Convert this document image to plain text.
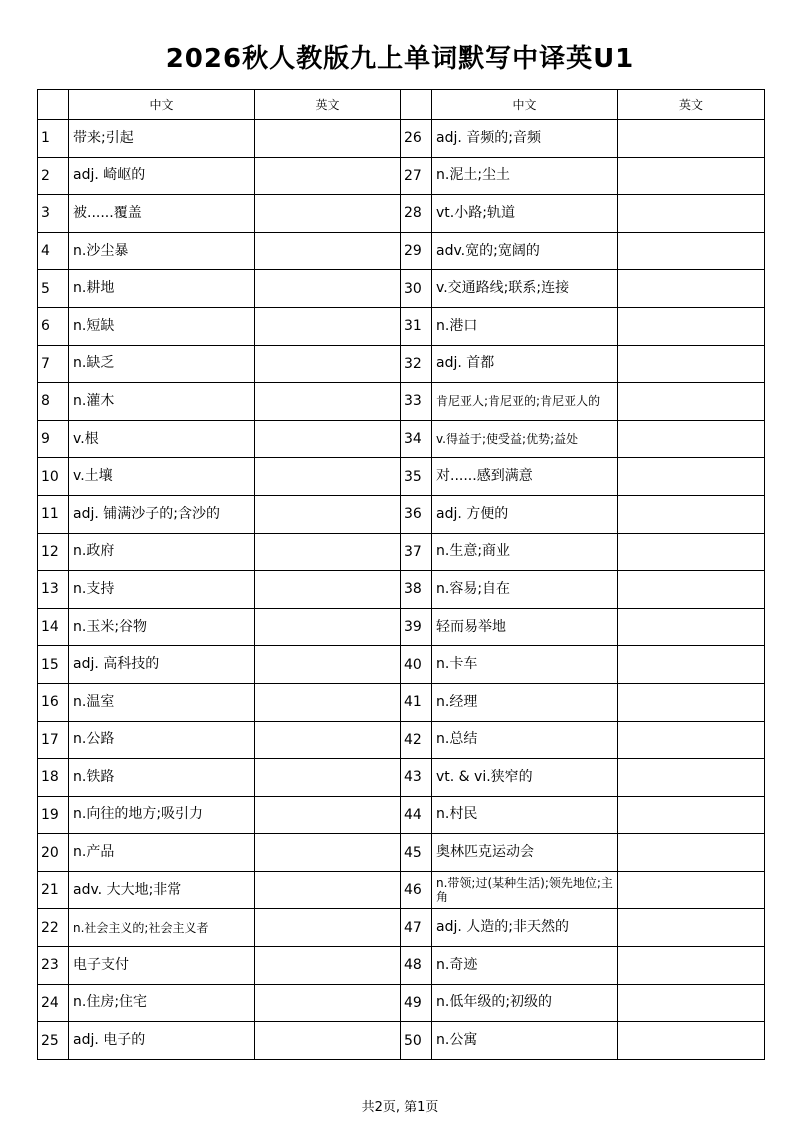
2026秋人教版九上单词默写中译英U1
	中文	英文		中文	英文
1	带来;引起		26	adj. 音频的;音频	
2	adj. 崎岖的		27	n.泥土;尘土	
3	被......覆盖		28	vt.小路;轨道	
4	n.沙尘暴		29	adv.宽的;宽阔的	
5	n.耕地		30	v.交通路线;联系;连接	
6	n.短缺		31	n.港口	
7	n.缺乏		32	adj. 首都	
8	n.灌木		33	肯尼亚人;肯尼亚的;肯尼亚人的	
9	v.根		34	v.得益于;使受益;优势;益处	
10	v.土壤		35	对......感到满意	
11	adj. 铺满沙子的;含沙的		36	adj. 方便的	
12	n.政府		37	n.生意;商业	
13	n.支持		38	n.容易;自在	
14	n.玉米;谷物		39	轻而易举地	
15	adj. 高科技的		40	n.卡车	
16	n.温室		41	n.经理	
17	n.公路		42	n.总结	
18	n.铁路		43	vt. & vi.狭窄的	
19	n.向往的地方;吸引力		44	n.村民	
20	n.产品		45	奥林匹克运动会	
21	adv. 大大地;非常		46	n.带领;过(某种生活);领先地位;主角	
22	n.社会主义的;社会主义者		47	adj. 人造的;非天然的	
23	电子支付		48	n.奇迹	
24	n.住房;住宅		49	n.低年级的;初级的	
25	adj. 电子的		50	n.公寓	
共2页, 第1页
